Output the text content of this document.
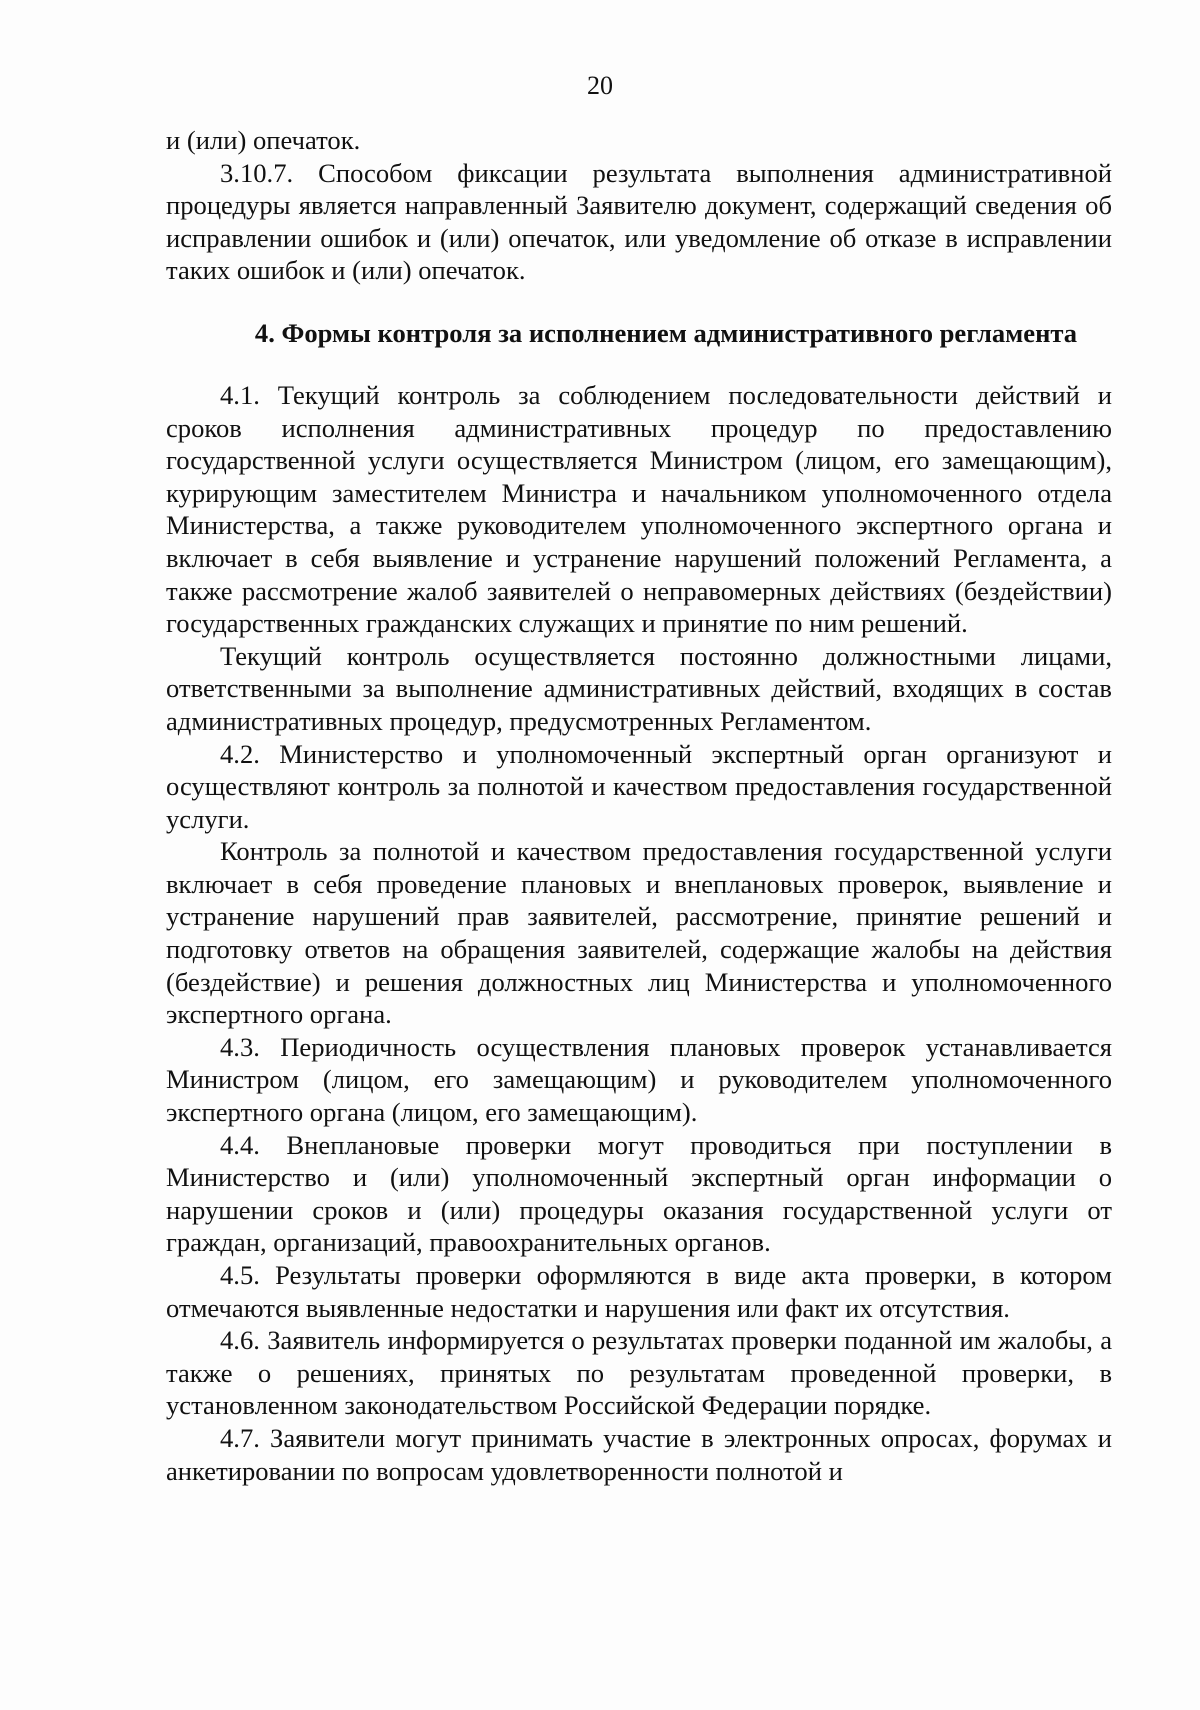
20

и (или) опечаток.

3.10.7. Способом фиксации результата выполнения административной процедуры является направленный Заявителю документ, содержащий сведения об исправлении ошибок и (или) опечаток, или уведомление об отказе в исправлении таких ошибок и (или) опечаток.

4. Формы контроля за исполнением административного регламента

4.1. Текущий контроль за соблюдением последовательности действий и сроков исполнения административных процедур по предоставлению государственной услуги осуществляется Министром (лицом, его замещающим), курирующим заместителем Министра и начальником уполномоченного отдела Министерства, а также руководителем уполномоченного экспертного органа и включает в себя выявление и устранение нарушений положений Регламента, а также рассмотрение жалоб заявителей о неправомерных действиях (бездействии) государственных гражданских служащих и принятие по ним решений.

Текущий контроль осуществляется постоянно должностными лицами, ответственными за выполнение административных действий, входящих в состав административных процедур, предусмотренных Регламентом.

4.2. Министерство и уполномоченный экспертный орган организуют и осуществляют контроль за полнотой и качеством предоставления государственной услуги.

Контроль за полнотой и качеством предоставления государственной услуги включает в себя проведение плановых и внеплановых проверок, выявление и устранение нарушений прав заявителей, рассмотрение, принятие решений и подготовку ответов на обращения заявителей, содержащие жалобы на действия (бездействие) и решения должностных лиц Министерства и уполномоченного экспертного органа.

4.3. Периодичность осуществления плановых проверок устанавливается Министром (лицом, его замещающим) и руководителем уполномоченного экспертного органа (лицом, его замещающим).

4.4. Внеплановые проверки могут проводиться при поступлении в Министерство и (или) уполномоченный экспертный орган информации о нарушении сроков и (или) процедуры оказания государственной услуги от граждан, организаций, правоохранительных органов.

4.5. Результаты проверки оформляются в виде акта проверки, в котором отмечаются выявленные недостатки и нарушения или факт их отсутствия.

4.6. Заявитель информируется о результатах проверки поданной им жалобы, а также о решениях, принятых по результатам проведенной проверки, в установленном законодательством Российской Федерации порядке.

4.7. Заявители могут принимать участие в электронных опросах, форумах и анкетировании по вопросам удовлетворенности полнотой и
